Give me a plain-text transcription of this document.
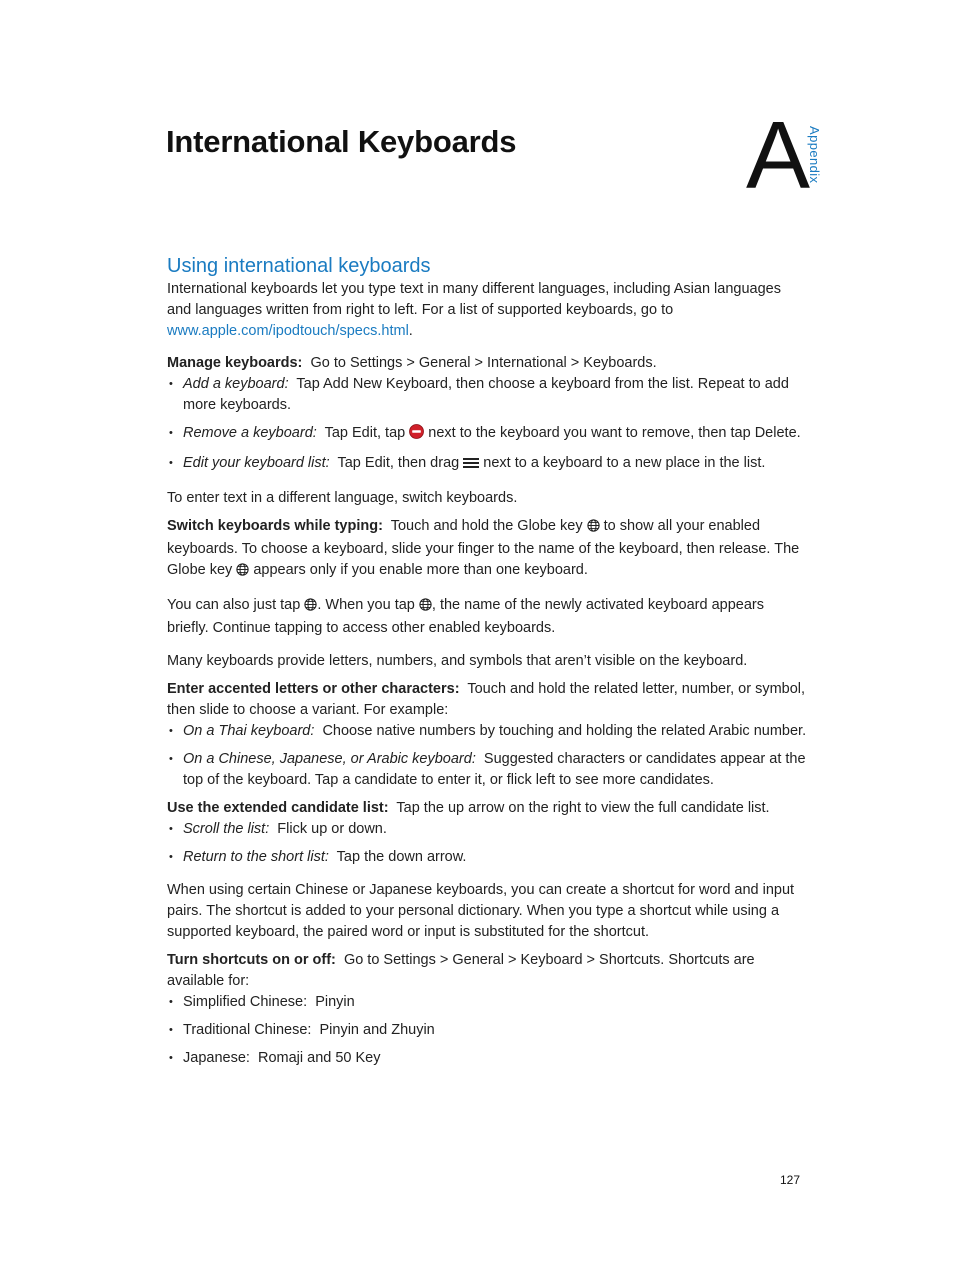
International Keyboards A
Appendix
Using international keyboards

International keyboards let you type text in many different languages, including Asian languages and languages written from right to left. For a list of supported keyboards, go to www.apple.com/ipodtouch/specs.html.

Manage keyboards: Go to Settings > General > International > Keyboards.

• Add a keyboard: Tap Add New Keyboard, then choose a keyboard from the list. Repeat to add more keyboards.
• Remove a keyboard: Tap Edit, tap next to the keyboard you want to remove, then tap Delete.
• Edit your keyboard list: Tap Edit, then drag next to a keyboard to a new place in the list.

To enter text in a different language, switch keyboards.

Switch keyboards while typing: Touch and hold the Globe key to show all your enabled keyboards. To choose a keyboard, slide your finger to the name of the keyboard, then release. The Globe key appears only if you enable more than one keyboard.

You can also just tap . When you tap , the name of the newly activated keyboard appears briefly. Continue tapping to access other enabled keyboards.

Many keyboards provide letters, numbers, and symbols that aren’t visible on the keyboard.

Enter accented letters or other characters: Touch and hold the related letter, number, or symbol, then slide to choose a variant. For example:

• On a Thai keyboard: Choose native numbers by touching and holding the related Arabic number.
• On a Chinese, Japanese, or Arabic keyboard: Suggested characters or candidates appear at the top of the keyboard. Tap a candidate to enter it, or flick left to see more candidates.

Use the extended candidate list: Tap the up arrow on the right to view the full candidate list.

• Scroll the list: Flick up or down.
• Return to the short list: Tap the down arrow.

When using certain Chinese or Japanese keyboards, you can create a shortcut for word and input pairs. The shortcut is added to your personal dictionary. When you type a shortcut while using a supported keyboard, the paired word or input is substituted for the shortcut.

Turn shortcuts on or off: Go to Settings > General > Keyboard > Shortcuts. Shortcuts are available for:

• Simplified Chinese: Pinyin
• Traditional Chinese: Pinyin and Zhuyin
• Japanese: Romaji and 50 Key
127
